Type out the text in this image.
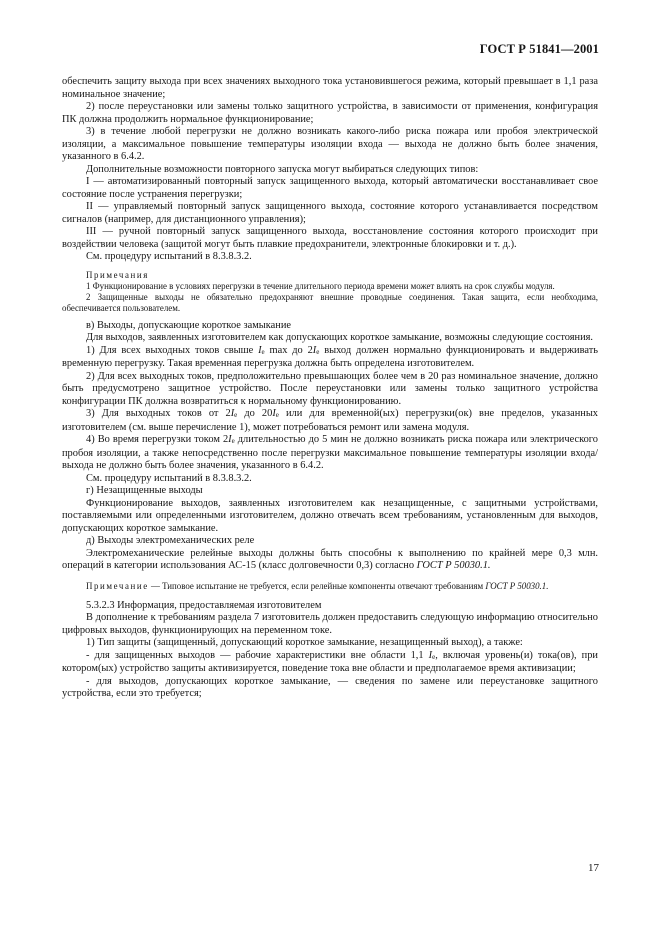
ГОСТ Р 51841—2001

обеспечить защиту выхода при всех значениях выходного тока установившегося режима, который превышает в 1,1 раза номинальное значение;

2) после переустановки или замены только защитного устройства, в зависимости от применения, конфигурация ПК должна продолжить нормальное функционирование;

3) в течение любой перегрузки не должно возникать какого-либо риска пожара или пробоя электрической изоляции, а максимальное повышение температуры изоляции входа — выхода не должно быть более значения, указанного в 6.4.2.

Дополнительные возможности повторного запуска могут выбираться следующих типов:

I — автоматизированный повторный запуск защищенного выхода, который автоматически восстанавливает свое состояние после устранения перегрузки;

II — управляемый повторный запуск защищенного выхода, состояние которого устанавливается посредством сигналов (например, для дистанционного управления);

III — ручной повторный запуск защищенного выхода, восстановление состояния которого происходит при воздействии человека (защитой могут быть плавкие предохранители, электронные блокировки и т. д.).

См. процедуру испытаний в 8.3.8.3.2.

Примечания

1 Функционирование в условиях перегрузки в течение длительного периода времени может влиять на срок службы модуля.

2 Защищенные выходы не обязательно предохраняют внешние проводные соединения. Такая защита, если необходима, обеспечивается пользователем.

в) Выходы, допускающие короткое замыкание

Для выходов, заявленных изготовителем как допускающих короткое замыкание, возможны следующие состояния.

1) Для всех выходных токов свыше Ie max до 2Ie выход должен нормально функционировать и выдерживать временную перегрузку. Такая временная перегрузка должна быть определена изготовителем.

2) Для всех выходных токов, предположительно превышающих более чем в 20 раз номинальное значение, должно быть предусмотрено защитное устройство. После переустановки или замены только защитного устройства конфигурации ПК должна возвратиться к нормальному функционированию.

3) Для выходных токов от 2Ie до 20Ie или для временной(ых) перегрузки(ок) вне пределов, указанных изготовителем (см. выше перечисление 1), может потребоваться ремонт или замена модуля.

4) Во время перегрузки током 2Ie длительностью до 5 мин не должно возникать риска пожара или электрического пробоя изоляции, а также непосредственно после перегрузки максимальное повышение температуры изоляции входа/выхода не должно быть более значения, указанного в 6.4.2.

См. процедуру испытаний в 8.3.8.3.2.

г) Незащищенные выходы

Функционирование выходов, заявленных изготовителем как незащищенные, с защитными устройствами, поставляемыми или определенными изготовителем, должно отвечать всем требованиям, установленным для выходов, допускающих короткое замыкание.

д) Выходы электромеханических реле

Электромеханические релейные выходы должны быть способны к выполнению по крайней мере 0,3 млн. операций в категории использования АС-15 (класс долговечности 0,3) согласно ГОСТ Р 50030.1.

Примечание — Типовое испытание не требуется, если релейные компоненты отвечают требованиям ГОСТ Р 50030.1.

5.3.2.3 Информация, предоставляемая изготовителем

В дополнение к требованиям раздела 7 изготовитель должен предоставить следующую информацию относительно цифровых выходов, функционирующих на переменном токе.

1) Тип защиты (защищенный, допускающий короткое замыкание, незащищенный выход), а также:

- для защищенных выходов — рабочие характеристики вне области 1,1 Ie, включая уровень(и) тока(ов), при котором(ых) устройство защиты активизируется, поведение тока вне области и предполагаемое время активизации;

- для выходов, допускающих короткое замыкание, — сведения по замене или переустановке защитного устройства, если это требуется;

17
